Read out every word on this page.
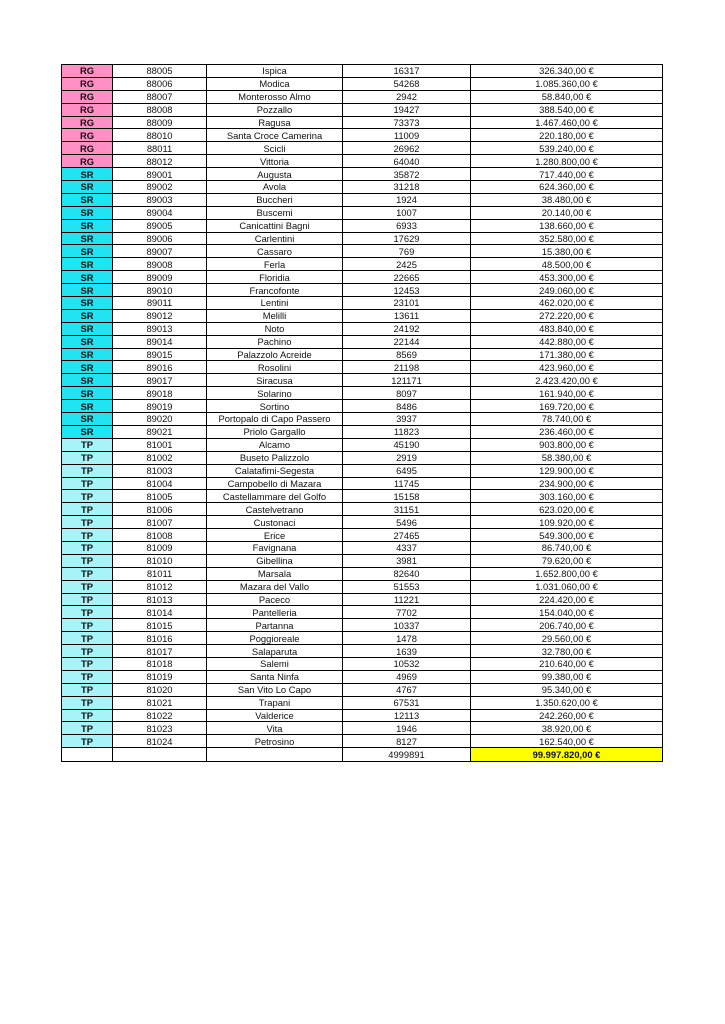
RG	88005	Ispica	16317	326.340,00 €
RG	88006	Modica	54268	1.085.360,00 €
RG	88007	Monterosso Almo	2942	58.840,00 €
RG	88008	Pozzallo	19427	388.540,00 €
RG	88009	Ragusa	73373	1.467.460,00 €
RG	88010	Santa Croce Camerina	11009	220.180,00 €
RG	88011	Scicli	26962	539.240,00 €
RG	88012	Vittoria	64040	1.280.800,00 €
SR	89001	Augusta	35872	717.440,00 €
SR	89002	Avola	31218	624.360,00 €
SR	89003	Buccheri	1924	38.480,00 €
SR	89004	Buscemi	1007	20.140,00 €
SR	89005	Canicattini Bagni	6933	138.660,00 €
SR	89006	Carlentini	17629	352.580,00 €
SR	89007	Cassaro	769	15.380,00 €
SR	89008	Ferla	2425	48.500,00 €
SR	89009	Floridia	22665	453.300,00 €
SR	89010	Francofonte	12453	249.060,00 €
SR	89011	Lentini	23101	462.020,00 €
SR	89012	Melilli	13611	272.220,00 €
SR	89013	Noto	24192	483.840,00 €
SR	89014	Pachino	22144	442.880,00 €
SR	89015	Palazzolo Acreide	8569	171.380,00 €
SR	89016	Rosolini	21198	423.960,00 €
SR	89017	Siracusa	121171	2.423.420,00 €
SR	89018	Solarino	8097	161.940,00 €
SR	89019	Sortino	8486	169.720,00 €
SR	89020	Portopalo di Capo Passero	3937	78.740,00 €
SR	89021	Priolo Gargallo	11823	236.460,00 €
TP	81001	Alcamo	45190	903.800,00 €
TP	81002	Buseto Palizzolo	2919	58.380,00 €
TP	81003	Calatafimi-Segesta	6495	129.900,00 €
TP	81004	Campobello di Mazara	11745	234.900,00 €
TP	81005	Castellammare del Golfo	15158	303.160,00 €
TP	81006	Castelvetrano	31151	623.020,00 €
TP	81007	Custonaci	5496	109.920,00 €
TP	81008	Erice	27465	549.300,00 €
TP	81009	Favignana	4337	86.740,00 €
TP	81010	Gibellina	3981	79.620,00 €
TP	81011	Marsala	82640	1.652.800,00 €
TP	81012	Mazara del Vallo	51553	1.031.060,00 €
TP	81013	Paceco	11221	224.420,00 €
TP	81014	Pantelleria	7702	154.040,00 €
TP	81015	Partanna	10337	206.740,00 €
TP	81016	Poggioreale	1478	29.560,00 €
TP	81017	Salaparuta	1639	32.780,00 €
TP	81018	Salemi	10532	210.640,00 €
TP	81019	Santa Ninfa	4969	99.380,00 €
TP	81020	San Vito Lo Capo	4767	95.340,00 €
TP	81021	Trapani	67531	1.350.620,00 €
TP	81022	Valderice	12113	242.260,00 €
TP	81023	Vita	1946	38.920,00 €
TP	81024	Petrosino	8127	162.540,00 €
			4999891	99.997.820,00 €
